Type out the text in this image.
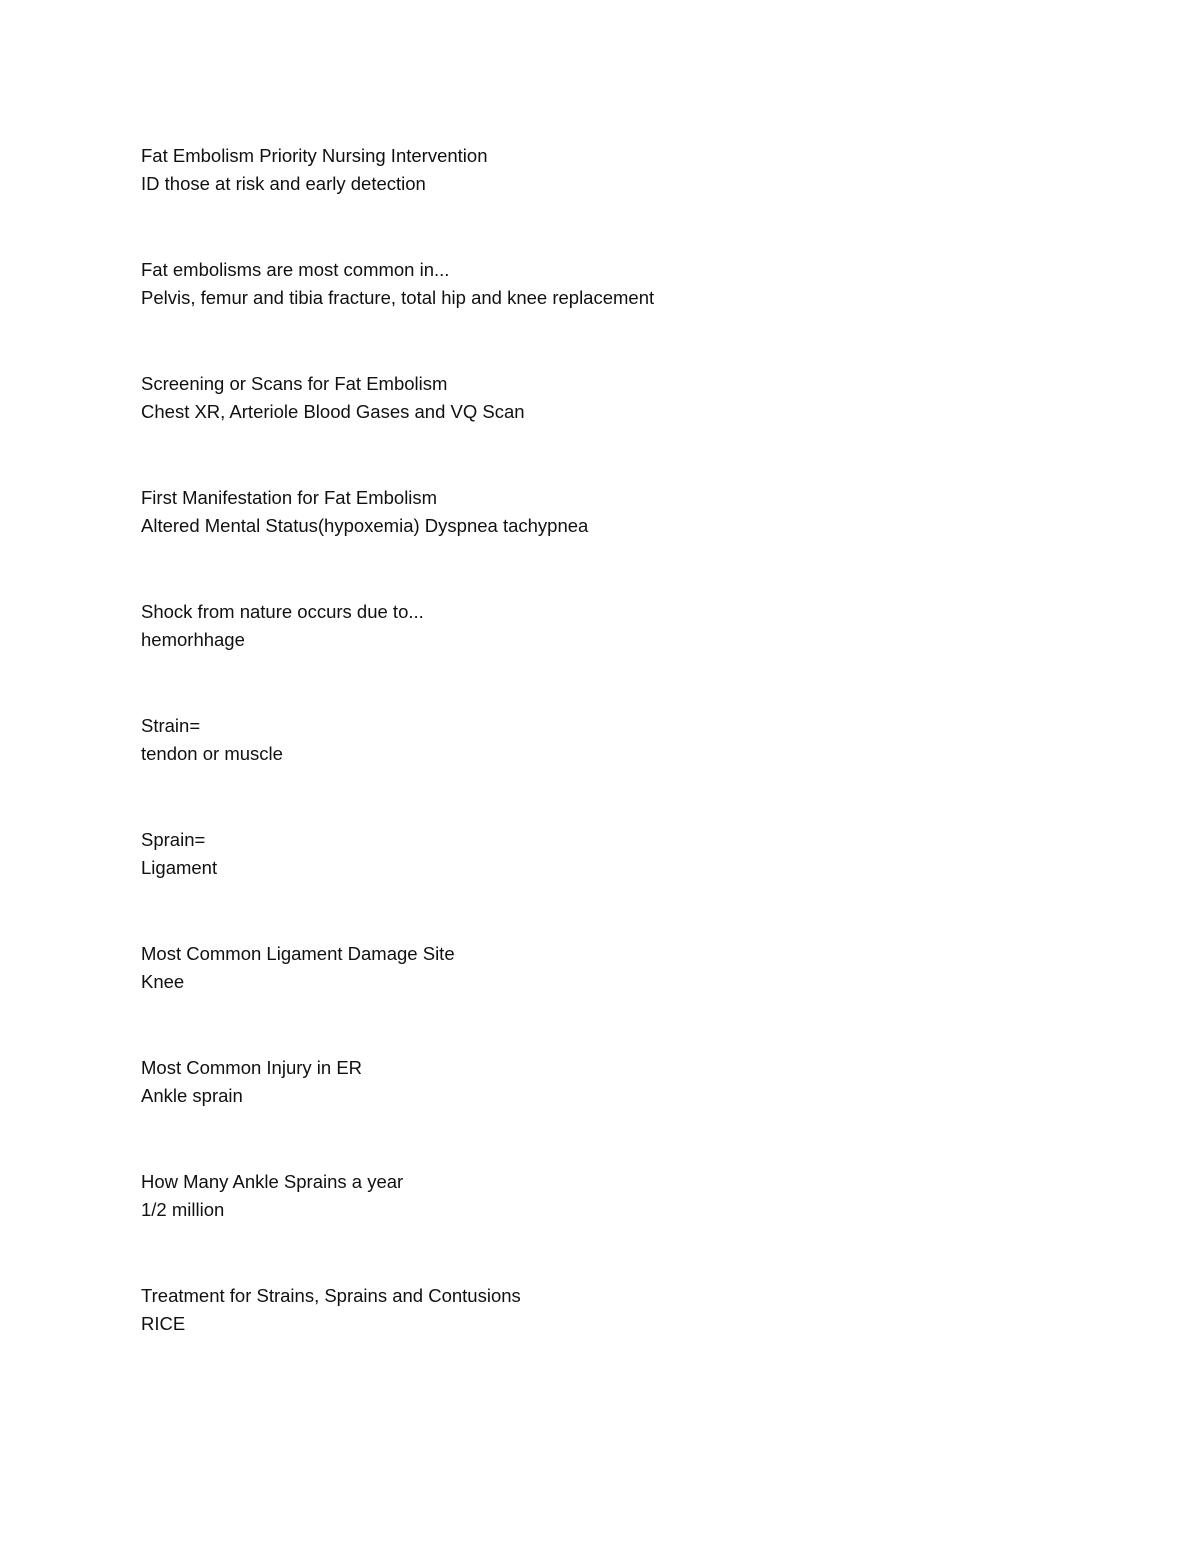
Fat Embolism Priority Nursing Intervention
ID those at risk and early detection
Fat embolisms are most common in...
Pelvis, femur and tibia fracture, total hip and knee replacement
Screening or Scans for Fat Embolism
Chest XR, Arteriole Blood Gases and VQ Scan
First Manifestation for Fat Embolism
Altered Mental Status(hypoxemia) Dyspnea tachypnea
Shock from nature occurs due to...
hemorhhage
Strain=
tendon or muscle
Sprain=
Ligament
Most Common Ligament Damage Site
Knee
Most Common Injury in ER
Ankle sprain
How Many Ankle Sprains a year
1/2 million
Treatment for Strains, Sprains and Contusions
RICE
